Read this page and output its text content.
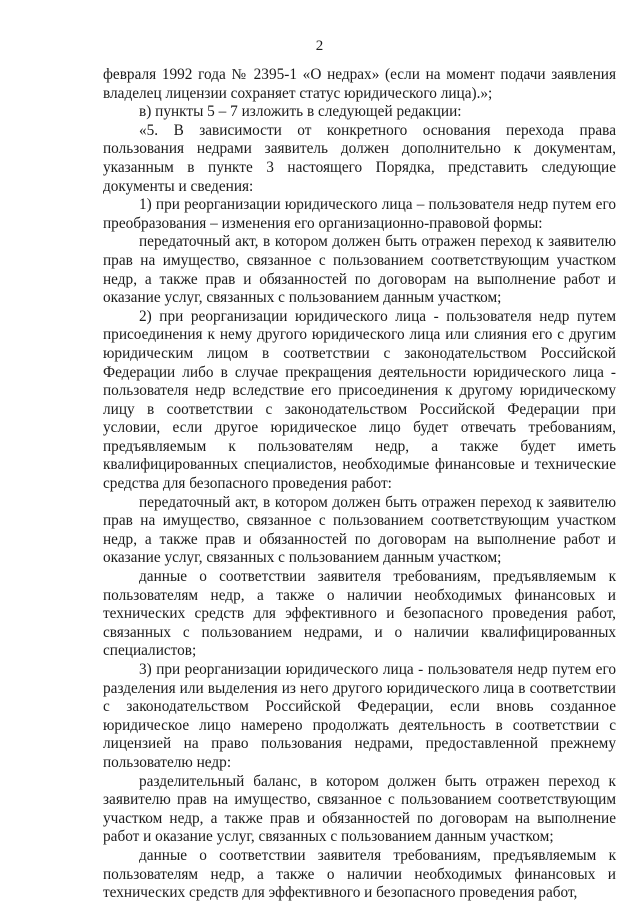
2

февраля 1992 года № 2395-1 «О недрах» (если на момент подачи заявления владелец лицензии сохраняет статус юридического лица).»;

в) пункты 5 – 7 изложить в следующей редакции:

«5. В зависимости от конкретного основания перехода права пользования недрами заявитель должен дополнительно к документам, указанным в пункте 3 настоящего Порядка, представить следующие документы и сведения:

1) при реорганизации юридического лица – пользователя недр путем его преобразования – изменения его организационно-правовой формы:

передаточный акт, в котором должен быть отражен переход к заявителю прав на имущество, связанное с пользованием соответствующим участком недр, а также прав и обязанностей по договорам на выполнение работ и оказание услуг, связанных с пользованием данным участком;

2) при реорганизации юридического лица - пользователя недр путем присоединения к нему другого юридического лица или слияния его с другим юридическим лицом в соответствии с законодательством Российской Федерации либо в случае прекращения деятельности юридического лица - пользователя недр вследствие его присоединения к другому юридическому лицу в соответствии с законодательством Российской Федерации при условии, если другое юридическое лицо будет отвечать требованиям, предъявляемым к пользователям недр, а также будет иметь квалифицированных специалистов, необходимые финансовые и технические средства для безопасного проведения работ:

передаточный акт, в котором должен быть отражен переход к заявителю прав на имущество, связанное с пользованием соответствующим участком недр, а также прав и обязанностей по договорам на выполнение работ и оказание услуг, связанных с пользованием данным участком;

данные о соответствии заявителя требованиям, предъявляемым к пользователям недр, а также о наличии необходимых финансовых и технических средств для эффективного и безопасного проведения работ, связанных с пользованием недрами, и о наличии квалифицированных специалистов;

3) при реорганизации юридического лица - пользователя недр путем его разделения или выделения из него другого юридического лица в соответствии с законодательством Российской Федерации, если вновь созданное юридическое лицо намерено продолжать деятельность в соответствии с лицензией на право пользования недрами, предоставленной прежнему пользователю недр:

разделительный баланс, в котором должен быть отражен переход к заявителю прав на имущество, связанное с пользованием соответствующим участком недр, а также прав и обязанностей по договорам на выполнение работ и оказание услуг, связанных с пользованием данным участком;

данные о соответствии заявителя требованиям, предъявляемым к пользователям недр, а также о наличии необходимых финансовых и технических средств для эффективного и безопасного проведения работ,
